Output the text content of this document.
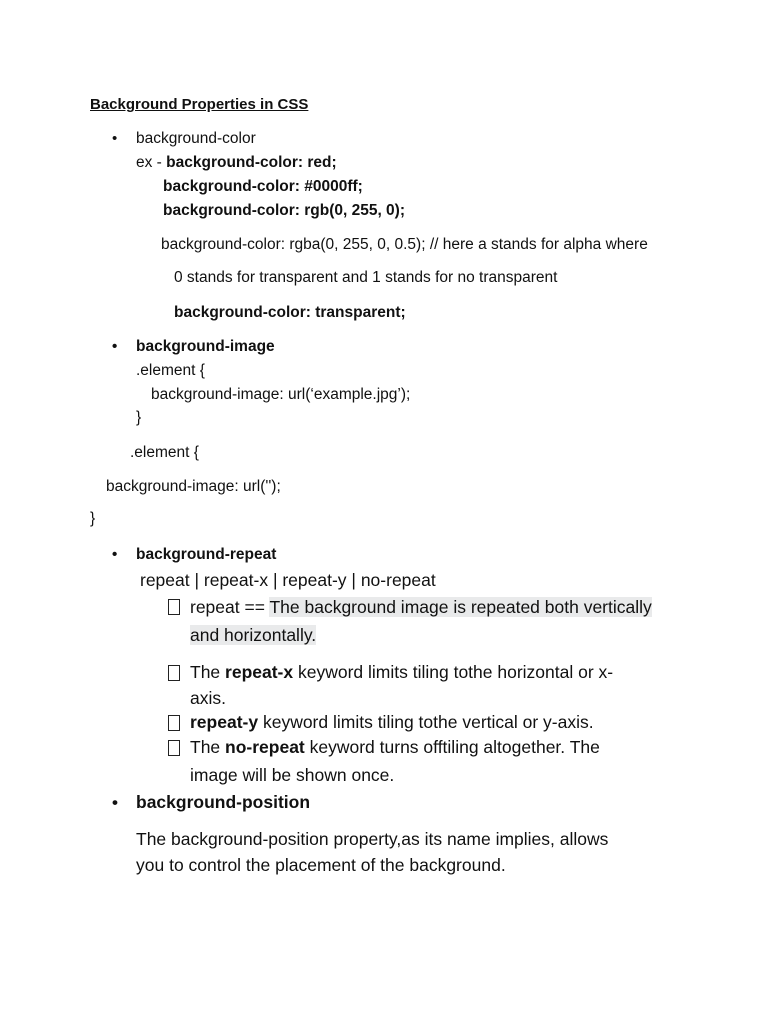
Background Properties in CSS
• background-color
ex - background-color: red;
background-color: #0000ff;
background-color: rgb(0, 255, 0);
background-color: rgba(0, 255, 0, 0.5); // here a stands for alpha where
0 stands for transparent and 1 stands for no transparent
background-color: transparent;
• background-image
.element {
background-image: url(‘example.jpg’);
}
.element {
background-image: url('');
}
• background-repeat
repeat | repeat-x | repeat-y | no-repeat
repeat == The background image is repeated both vertically
and horizontally.
The repeat-x keyword limits tiling tothe horizontal or x-
axis.
repeat-y keyword limits tiling tothe vertical or y-axis.
The no-repeat keyword turns offtiling altogether. The
image will be shown once.
• background-position
The background-position property,as its name implies, allows
you to control the placement of the background.
